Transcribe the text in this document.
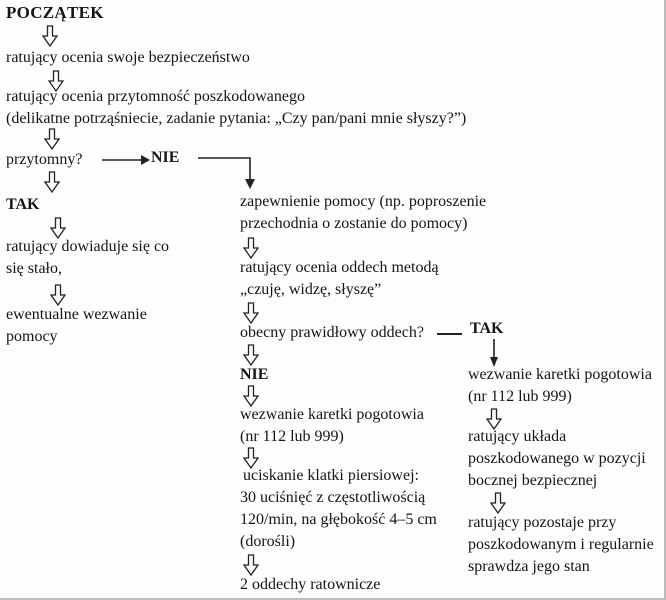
POCZĄTEK
ratujący ocenia swoje bezpieczeństwo
ratujący ocenia przytomność poszkodowanego
(delikatne potrząśniecie, zadanie pytania: „Czy pan/pani mnie słyszy?”)
przytomny?	NIE
TAK
ratujący dowiaduje się co
się stało,
ewentualne wezwanie
pomocy
zapewnienie pomocy (np. poproszenie
przechodnia o zostanie do pomocy)
ratujący ocenia oddech metodą
„czuję, widzę, słyszę”
obecny prawidłowy oddech?
NIE
wezwanie karetki pogotowia
(nr 112 lub 999)
uciskanie klatki piersiowej:
30 uciśnięć z częstotliwością
120/min, na głębokość 4–5 cm
(dorośli)
2 oddechy ratownicze
TAK
wezwanie karetki pogotowia
(nr 112 lub 999)
ratujący układa
poszkodowanego w pozycji
bocznej bezpiecznej
ratujący pozostaje przy
poszkodowanym i regularnie
sprawdza jego stan
